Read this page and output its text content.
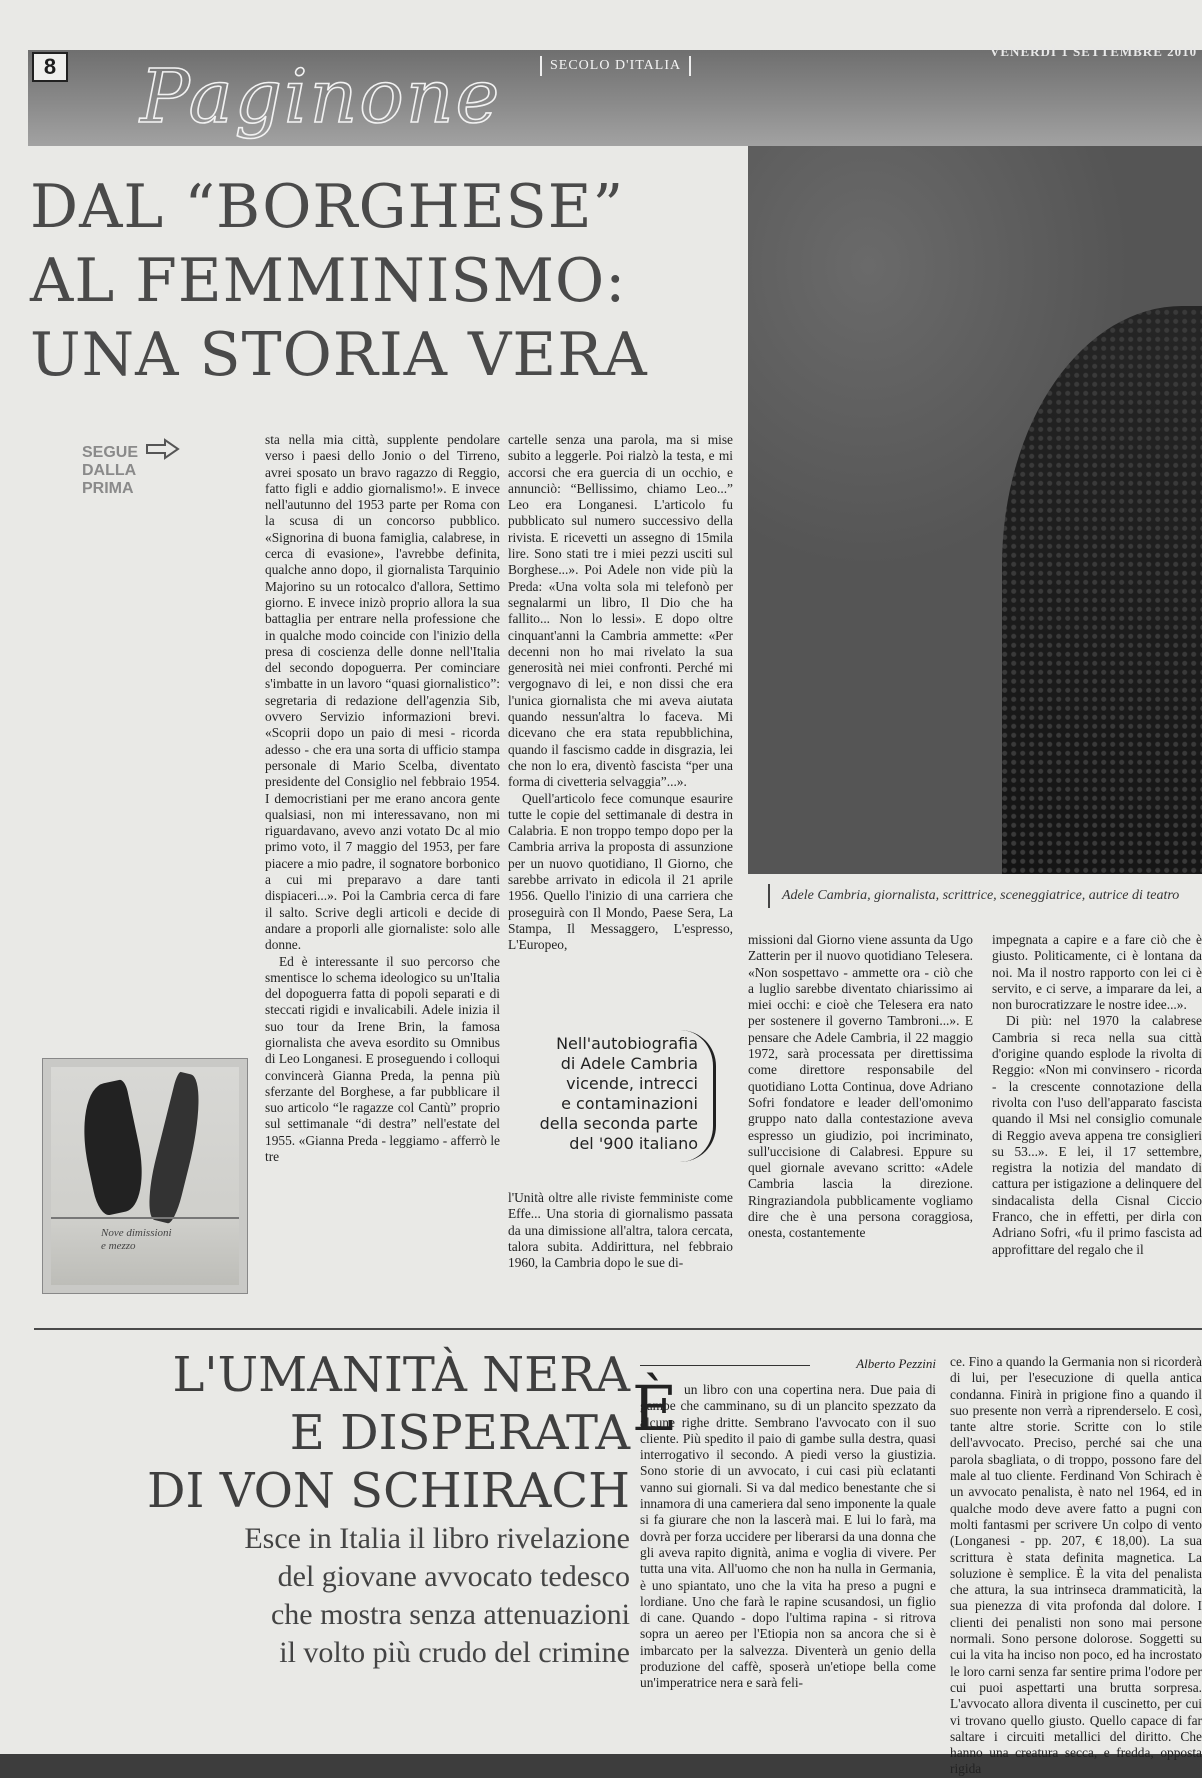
8 Paginone	SECOLO D'ITALIA
VENERDÌ 1 SETTEMBRE 2010
Adele Cambria, giornalista, scrittrice, sceneggiatrice, autrice di teatro
DAL “BORGHESE”
AL FEMMINISMO:
UNA STORIA VERA
SEGUE
DALLA
PRIMA

sta nella mia città, supplente pendolare verso i paesi dello Jonio o del Tirreno, avrei sposato un bravo ragazzo di Reggio, fatto figli e addio giornalismo!». E invece nell'autunno del 1953 parte per Roma con la scusa di un concorso pubblico. «Signorina di buona famiglia, calabrese, in cerca di evasione», l'avrebbe definita, qualche anno dopo, il giornalista Tarquinio Majorino su un rotocalco d'allora, Settimo giorno. E invece inizò proprio allora la sua battaglia per entrare nella professione che in qualche modo coincide con l'inizio della presa di coscienza delle donne nell'Italia del secondo dopoguerra. Per cominciare s'imbatte in un lavoro “quasi giornalistico”: segretaria di redazione dell'agenzia Sib, ovvero Servizio informazioni brevi. «Scoprii dopo un paio di mesi - ricorda adesso - che era una sorta di ufficio stampa personale di Mario Scelba, diventato presidente del Consiglio nel febbraio 1954. I democristiani per me erano ancora gente qualsiasi, non mi interessavano, non mi riguardavano, avevo anzi votato Dc al mio primo voto, il 7 maggio del 1953, per fare piacere a mio padre, il sognatore borbonico a cui mi preparavo a dare tanti dispiaceri...». Poi la Cambria cerca di fare il salto. Scrive degli articoli e decide di andare a proporli alle giornaliste: solo alle donne.

Ed è interessante il suo percorso che smentisce lo schema ideologico su un'Italia del dopoguerra fatta di popoli separati e di steccati rigidi e invalicabili. Adele inizia il suo tour da Irene Brin, la famosa giornalista che aveva esordito su Omnibus di Leo Longanesi. E proseguendo i colloqui convincerà Gianna Preda, la penna più sferzante del Borghese, a far pubblicare il suo articolo “le ragazze col Cantù” proprio sul settimanale “di destra” nell'estate del 1955. «Gianna Preda - leggiamo - afferrò le tre

cartelle senza una parola, ma si mise subito a leggerle. Poi rialzò la testa, e mi accorsi che era guercia di un occhio, e annunciò: “Bellissimo, chiamo Leo...” Leo era Longanesi. L'articolo fu pubblicato sul numero successivo della rivista. E ricevetti un assegno di 15mila lire. Sono stati tre i miei pezzi usciti sul Borghese...». Poi Adele non vide più la Preda: «Una volta sola mi telefonò per segnalarmi un libro, Il Dio che ha fallito... Non lo lessi». E dopo oltre cinquant'anni la Cambria ammette: «Per decenni non ho mai rivelato la sua generosità nei miei confronti. Perché mi vergognavo di lei, e non dissi che era l'unica giornalista che mi aveva aiutata quando nessun'altra lo faceva. Mi dicevano che era stata repubblichina, quando il fascismo cadde in disgrazia, lei che non lo era, diventò fascista “per una forma di civetteria selvaggia”...».

Quell'articolo fece comunque esaurire tutte le copie del settimanale di destra in Calabria. E non troppo tempo dopo per la Cambria arriva la proposta di assunzione per un nuovo quotidiano, Il Giorno, che sarebbe arrivato in edicola il 21 aprile 1956. Quello l'inizio di una carriera che proseguirà con Il Mondo, Paese Sera, La Stampa, Il Messaggero, L'espresso, L'Europeo,

Nell'autobiografia
di Adele Cambria
vicende, intrecci
e contaminazioni
della seconda parte
del '900 italiano

l'Unità oltre alle riviste femministe come Effe... Una storia di giornalismo passata da una dimissione all'altra, talora cercata, talora subita. Addirittura, nel febbraio 1960, la Cambria dopo le sue di-

missioni dal Giorno viene assunta da Ugo Zatterin per il nuovo quotidiano Telesera. «Non sospettavo - ammette ora - ciò che a luglio sarebbe diventato chiarissimo ai miei occhi: e cioè che Telesera era nato per sostenere il governo Tambroni...». E pensare che Adele Cambria, il 22 maggio 1972, sarà processata per direttissima come direttore responsabile del quotidiano Lotta Continua, dove Adriano Sofri fondatore e leader dell'omonimo gruppo nato dalla contestazione aveva espresso un giudizio, poi incriminato, sull'uccisione di Calabresi. Eppure su quel giornale avevano scritto: «Adele Cambria lascia la direzione. Ringraziandola pubblicamente vogliamo dire che è una persona coraggiosa, onesta, costantemente

impegnata a capire e a fare ciò che è giusto. Politicamente, ci è lontana da noi. Ma il nostro rapporto con lei ci è servito, e ci serve, a imparare da lei, a non burocratizzare le nostre idee...».

Di più: nel 1970 la calabrese Cambria si reca nella sua città d'origine quando esplode la rivolta di Reggio: «Non mi convinsero - ricorda - la crescente connotazione della rivolta con l'uso dell'apparato fascista quando il Msi nel consiglio comunale di Reggio aveva appena tre consiglieri su 53...». E lei, il 17 settembre, registra la notizia del mandato di cattura per istigazione a delinquere del sindacalista della Cisnal Ciccio Franco, che in effetti, per dirla con Adriano Sofri, «fu il primo fascista ad approfittare del regalo che il

Nove dimissioni
e mezzo
L'UMANITÀ NERA
E DISPERATA
DI VON SCHIRACH
Esce in Italia il libro rivelazione
del giovane avvocato tedesco
che mostra senza attenuazioni
il volto più crudo del crimine
Alberto Pezzini
È un libro con una copertina nera. Due paia di gambe che camminano, su di un plancito spezzato da alcune righe dritte. Sembrano l'avvocato con il suo cliente. Più spedito il paio di gambe sulla destra, quasi interrogativo il secondo. A piedi verso la giustizia. Sono storie di un avvocato, i cui casi più eclatanti vanno sui giornali. Si va dal medico benestante che si innamora di una cameriera dal seno imponente la quale si fa giurare che non la lascerà mai. E lui lo farà, ma dovrà per forza uccidere per liberarsi da una donna che gli aveva rapito dignità, anima e voglia di vivere. Per tutta una vita. All'uomo che non ha nulla in Germania, è uno spiantato, uno che la vita ha preso a pugni e lordiane. Uno che farà le rapine scusandosi, un figlio di cane. Quando - dopo l'ultima rapina - si ritrova sopra un aereo per l'Etiopia non sa ancora che si è imbarcato per la salvezza. Diventerà un genio della produzione del caffè, sposerà un'etiope bella come un'imperatrice nera e sarà feli-

ce. Fino a quando la Germania non si ricorderà di lui, per l'esecuzione di quella antica condanna. Finirà in prigione fino a quando il suo presente non verrà a riprenderselo. E così, tante altre storie. Scritte con lo stile dell'avvocato. Preciso, perché sai che una parola sbagliata, o di troppo, possono fare del male al tuo cliente. Ferdinand Von Schirach è un avvocato penalista, è nato nel 1964, ed in qualche modo deve avere fatto a pugni con molti fantasmi per scrivere Un colpo di vento (Longanesi - pp. 207, € 18,00). La sua scrittura è stata definita magnetica. La soluzione è semplice. È la vita del penalista che attura, la sua intrinseca drammaticità, la sua pienezza di vita profonda dal dolore. I clienti dei penalisti non sono mai persone normali. Sono persone dolorose. Soggetti su cui la vita ha inciso non poco, ed ha incrostato le loro carni senza far sentire prima l'odore per cui puoi aspettarti una brutta sorpresa. L'avvocato allora diventa il cuscinetto, per cui vi trovano quello giusto. Quello capace di far saltare i circuiti metallici del diritto. Che hanno una creatura secca, e fredda, opposta rigida
